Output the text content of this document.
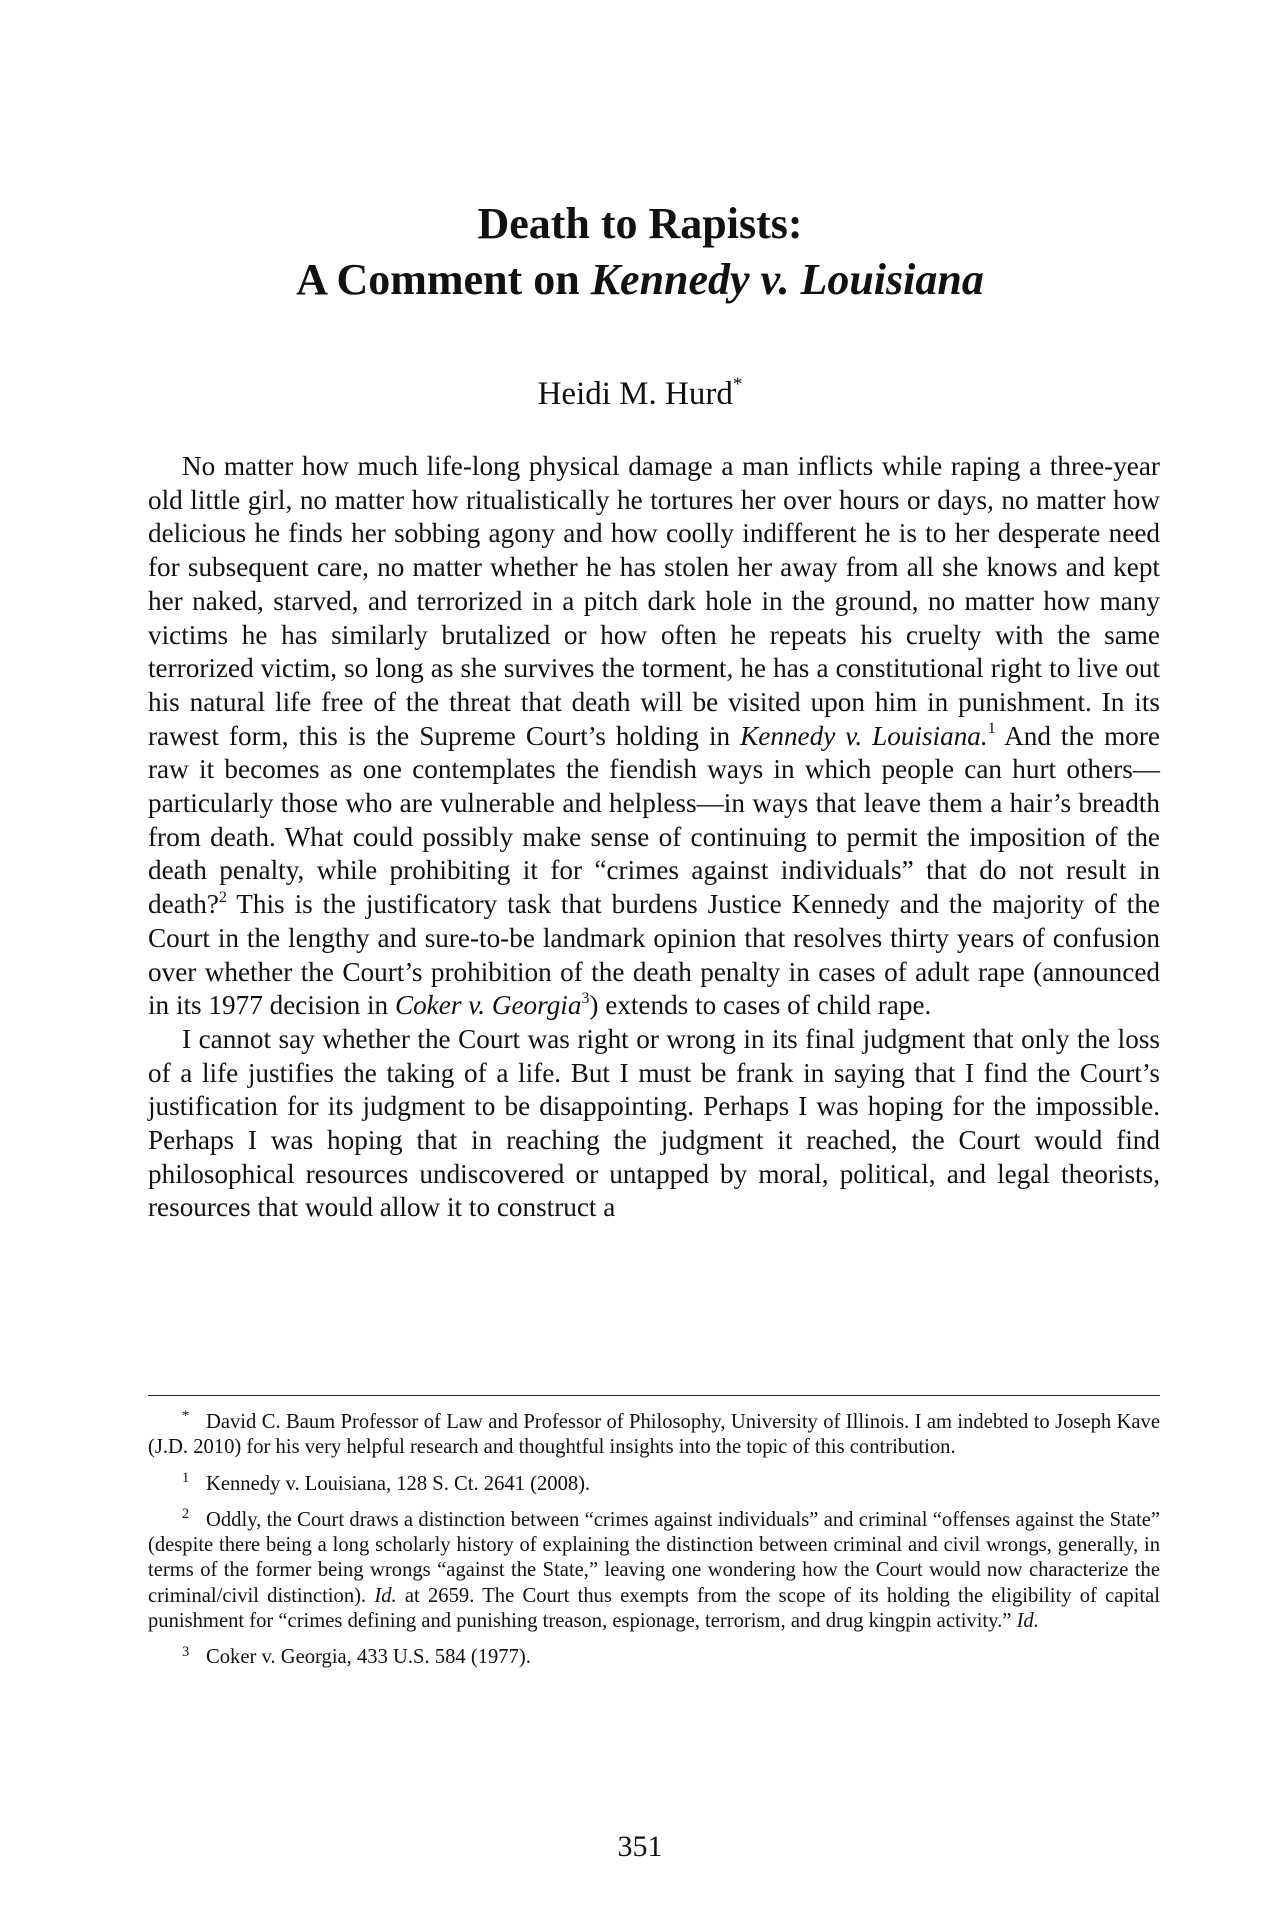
Death to Rapists:

A Comment on Kennedy v. Louisiana

Heidi M. Hurd*

No matter how much life-long physical damage a man inflicts while raping a three-year old little girl, no matter how ritualistically he tortures her over hours or days, no matter how delicious he finds her sobbing agony and how coolly indifferent he is to her desperate need for subsequent care, no matter whether he has stolen her away from all she knows and kept her naked, starved, and terrorized in a pitch dark hole in the ground, no matter how many victims he has similarly brutalized or how often he repeats his cruelty with the same terrorized victim, so long as she survives the torment, he has a constitutional right to live out his natural life free of the threat that death will be visited upon him in punishment. In its rawest form, this is the Supreme Court’s holding in Kennedy v. Louisiana.$^1$ And the more raw it becomes as one contemplates the fiendish ways in which people can hurt others—particularly those who are vulnerable and helpless—in ways that leave them a hair’s breadth from death. What could possibly make sense of continuing to permit the imposition of the death penalty, while prohibiting it for “crimes against individuals” that do not result in death?$^2$ This is the justificatory task that burdens Justice Kennedy and the majority of the Court in the lengthy and sure-to-be landmark opinion that resolves thirty years of confusion over whether the Court’s prohibition of the death penalty in cases of adult rape (announced in its 1977 decision in Coker v. Georgia$^3$) extends to cases of child rape.

I cannot say whether the Court was right or wrong in its final judgment that only the loss of a life justifies the taking of a life. But I must be frank in saying that I find the Court’s justification for its judgment to be disappointing. Perhaps I was hoping for the impossible. Perhaps I was hoping that in reaching the judgment it reached, the Court would find philosophical resources undiscovered or untapped by moral, political, and legal theorists, resources that would allow it to construct a

* David C. Baum Professor of Law and Professor of Philosophy, University of Illinois. I am indebted to Joseph Kave (J.D. 2010) for his very helpful research and thoughtful insights into the topic of this contribution.

1 Kennedy v. Louisiana, 128 S. Ct. 2641 (2008).

2 Oddly, the Court draws a distinction between “crimes against individuals” and criminal “offenses against the State” (despite there being a long scholarly history of explaining the distinction between criminal and civil wrongs, generally, in terms of the former being wrongs “against the State,” leaving one wondering how the Court would now characterize the criminal/civil distinction). Id. at 2659. The Court thus exempts from the scope of its holding the eligibility of capital punishment for “crimes defining and punishing treason, espionage, terrorism, and drug kingpin activity.” Id.

3 Coker v. Georgia, 433 U.S. 584 (1977).

351
